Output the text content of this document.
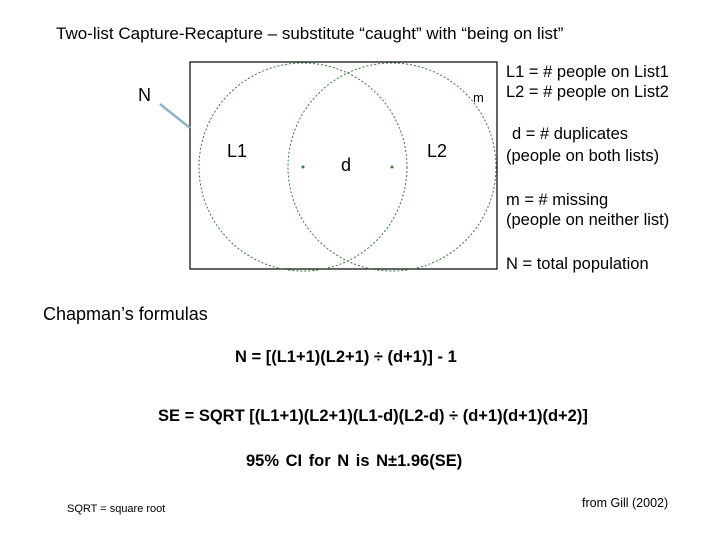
Two-list Capture-Recapture – substitute “caught” with “being on list”
N	m
L1	L2
d
L1 = # people on List1
L2 = # people on List2
d = # duplicates
(people on both lists)
m = # missing
(people on neither list)
N = total population
Chapman’s formulas
N = [(L1+1)(L2+1) ÷ (d+1)] - 1
SE = SQRT [(L1+1)(L2+1)(L1-d)(L2-d) ÷ (d+1)(d+1)(d+2)]
95% CI for N is N±1.96(SE)
SQRT = square root	from Gill (2002)
